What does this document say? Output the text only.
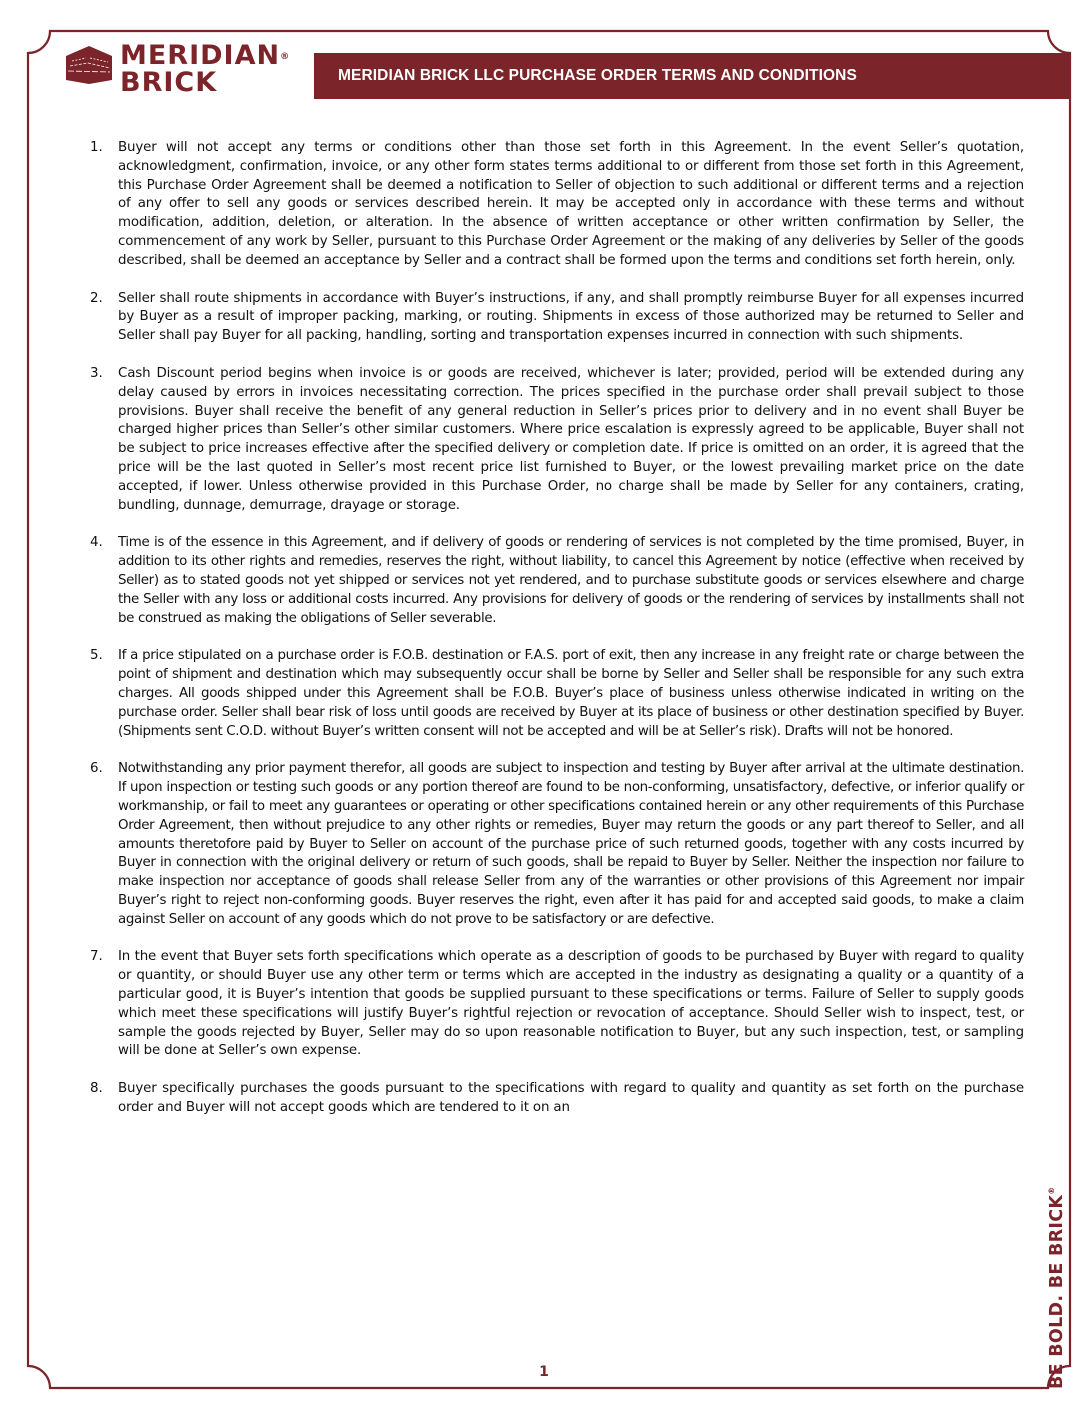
MERIDIAN®
BRICK	MERIDIAN BRICK LLC PURCHASE ORDER TERMS AND CONDITIONS
1.	Buyer will not accept any terms or conditions other than those set forth in this Agreement. In the event Seller’s quotation, acknowledgment, confirmation, invoice, or any other form states terms additional to or different from those set forth in this Agreement, this Purchase Order Agreement shall be deemed a notification to Seller of objection to such additional or different terms and a rejection of any offer to sell any goods or services described herein. It may be accepted only in accordance with these terms and without modification, addition, deletion, or alteration. In the absence of written acceptance or other written confirmation by Seller, the commencement of any work by Seller, pursuant to this Purchase Order Agreement or the making of any deliveries by Seller of the goods described, shall be deemed an acceptance by Seller and a contract shall be formed upon the terms and conditions set forth herein, only.
2.	Seller shall route shipments in accordance with Buyer’s instructions, if any, and shall promptly reimburse Buyer for all expenses incurred by Buyer as a result of improper packing, marking, or routing. Shipments in excess of those authorized may be returned to Seller and Seller shall pay Buyer for all packing, handling, sorting and transportation expenses incurred in connection with such shipments.
3.	Cash Discount period begins when invoice is or goods are received, whichever is later; provided, period will be extended during any delay caused by errors in invoices necessitating correction. The prices specified in the purchase order shall prevail subject to those provisions. Buyer shall receive the benefit of any general reduction in Seller’s prices prior to delivery and in no event shall Buyer be charged higher prices than Seller’s other similar customers. Where price escalation is expressly agreed to be applicable, Buyer shall not be subject to price increases effective after the specified delivery or completion date. If price is omitted on an order, it is agreed that the price will be the last quoted in Seller’s most recent price list furnished to Buyer, or the lowest prevailing market price on the date accepted, if lower. Unless otherwise provided in this Purchase Order, no charge shall be made by Seller for any containers, crating, bundling, dunnage, demurrage, drayage or storage.
4.	Time is of the essence in this Agreement, and if delivery of goods or rendering of services is not completed by the time promised, Buyer, in addition to its other rights and remedies, reserves the right, without liability, to cancel this Agreement by notice (effective when received by Seller) as to stated goods not yet shipped or services not yet rendered, and to purchase substitute goods or services elsewhere and charge the Seller with any loss or additional costs incurred. Any provisions for delivery of goods or the rendering of services by installments shall not be construed as making the obligations of Seller severable.
5.	If a price stipulated on a purchase order is F.O.B. destination or F.A.S. port of exit, then any increase in any freight rate or charge between the point of shipment and destination which may subsequently occur shall be borne by Seller and Seller shall be responsible for any such extra charges. All goods shipped under this Agreement shall be F.O.B. Buyer’s place of business unless otherwise indicated in writing on the purchase order. Seller shall bear risk of loss until goods are received by Buyer at its place of business or other destination specified by Buyer. (Shipments sent C.O.D. without Buyer’s written consent will not be accepted and will be at Seller’s risk). Drafts will not be honored.
6.	Notwithstanding any prior payment therefor, all goods are subject to inspection and testing by Buyer after arrival at the ultimate destination. If upon inspection or testing such goods or any portion thereof are found to be non-conforming, unsatisfactory, defective, or inferior qualify or workmanship, or fail to meet any guarantees or operating or other specifications contained herein or any other requirements of this Purchase Order Agreement, then without prejudice to any other rights or remedies, Buyer may return the goods or any part thereof to Seller, and all amounts theretofore paid by Buyer to Seller on account of the purchase price of such returned goods, together with any costs incurred by Buyer in connection with the original delivery or return of such goods, shall be repaid to Buyer by Seller. Neither the inspection nor failure to make inspection nor acceptance of goods shall release Seller from any of the warranties or other provisions of this Agreement nor impair Buyer’s right to reject non-conforming goods. Buyer reserves the right, even after it has paid for and accepted said goods, to make a claim against Seller on account of any goods which do not prove to be satisfactory or are defective.
7.	In the event that Buyer sets forth specifications which operate as a description of goods to be purchased by Buyer with regard to quality or quantity, or should Buyer use any other term or terms which are accepted in the industry as designating a quality or a quantity of a particular good, it is Buyer’s intention that goods be supplied pursuant to these specifications or terms. Failure of Seller to supply goods which meet these specifications will justify Buyer’s rightful rejection or revocation of acceptance. Should Seller wish to inspect, test, or sample the goods rejected by Buyer, Seller may do so upon reasonable notification to Buyer, but any such inspection, test, or sampling will be done at Seller’s own expense.
8.	Buyer specifically purchases the goods pursuant to the specifications with regard to quality and quantity as set forth on the purchase order and Buyer will not accept goods which are tendered to it on an
BE BOLD. BE BRICK®
1
